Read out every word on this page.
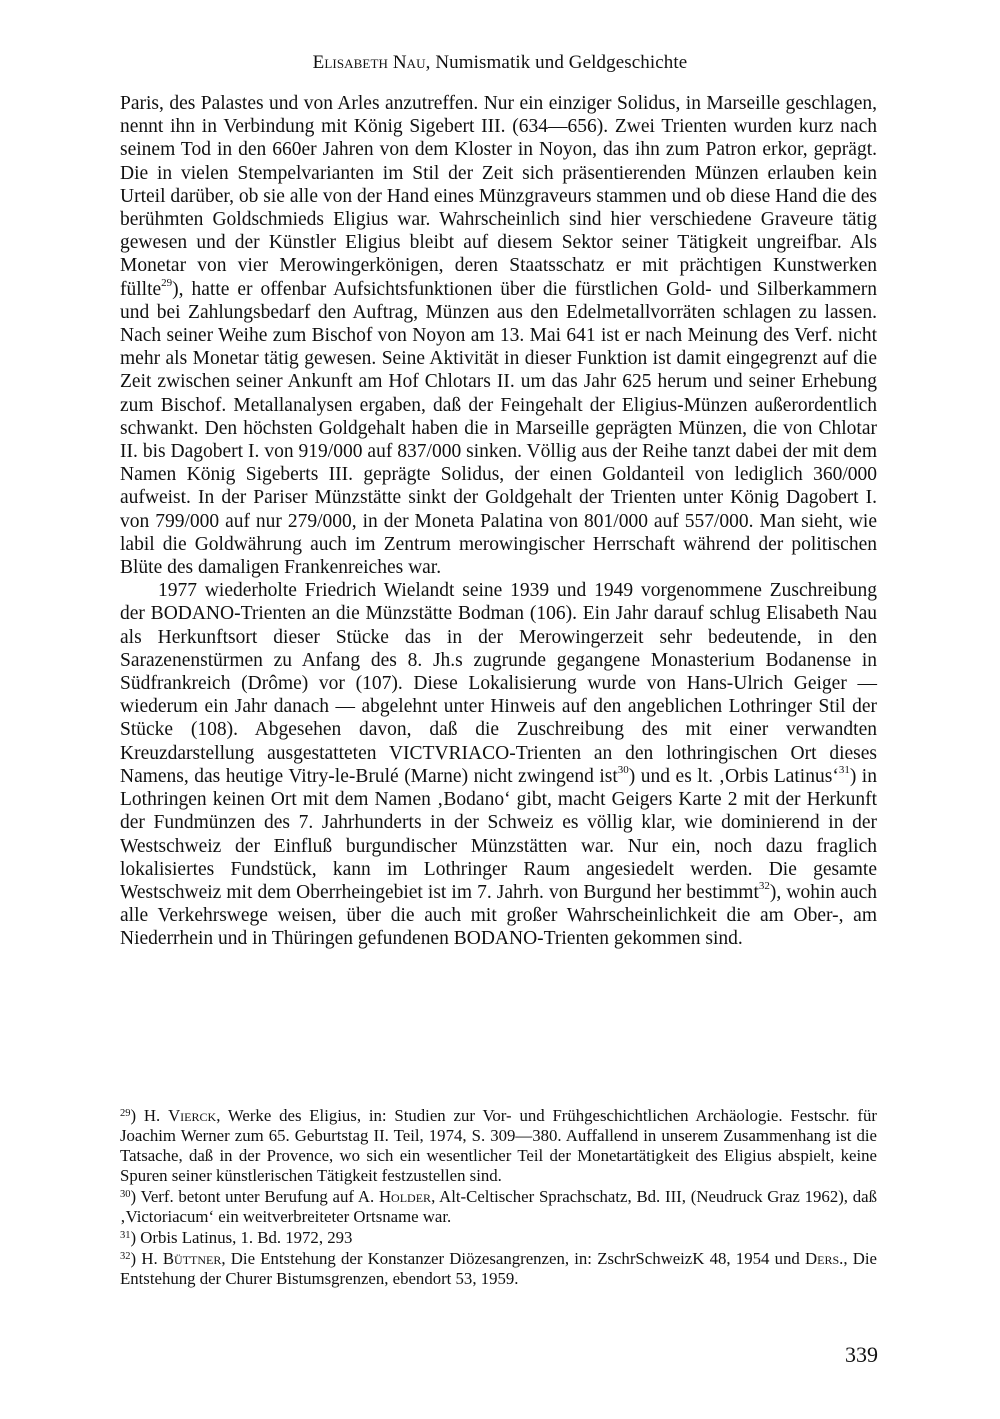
Elisabeth Nau, Numismatik und Geldgeschichte

Paris, des Palastes und von Arles anzutreffen. Nur ein einziger Solidus, in Marseille geschlagen, nennt ihn in Verbindung mit König Sigebert III. (634—656). Zwei Trienten wurden kurz nach seinem Tod in den 660er Jahren von dem Kloster in Noyon, das ihn zum Patron erkor, geprägt. Die in vielen Stempelvarianten im Stil der Zeit sich präsentierenden Münzen erlauben kein Urteil darüber, ob sie alle von der Hand eines Münzgraveurs stammen und ob diese Hand die des berühmten Goldschmieds Eligius war. Wahrscheinlich sind hier verschiedene Graveure tätig gewesen und der Künstler Eligius bleibt auf diesem Sektor seiner Tätigkeit ungreifbar. Als Monetar von vier Merowingerkönigen, deren Staatsschatz er mit prächtigen Kunstwerken füllte$^{29}$), hatte er offenbar Aufsichtsfunktionen über die fürstlichen Gold- und Silberkammern und bei Zahlungsbedarf den Auftrag, Münzen aus den Edelmetallvorräten schlagen zu lassen. Nach seiner Weihe zum Bischof von Noyon am 13. Mai 641 ist er nach Meinung des Verf. nicht mehr als Monetar tätig gewesen. Seine Aktivität in dieser Funktion ist damit eingegrenzt auf die Zeit zwischen seiner Ankunft am Hof Chlotars II. um das Jahr 625 herum und seiner Erhebung zum Bischof. Metallanalysen ergaben, daß der Feingehalt der Eligius-Münzen außerordentlich schwankt. Den höchsten Goldgehalt haben die in Marseille geprägten Münzen, die von Chlotar II. bis Dagobert I. von 919/000 auf 837/000 sinken. Völlig aus der Reihe tanzt dabei der mit dem Namen König Sigeberts III. geprägte Solidus, der einen Goldanteil von lediglich 360/000 aufweist. In der Pariser Münzstätte sinkt der Goldgehalt der Trienten unter König Dagobert I. von 799/000 auf nur 279/000, in der Moneta Palatina von 801/000 auf 557/000. Man sieht, wie labil die Goldwährung auch im Zentrum merowingischer Herrschaft während der politischen Blüte des damaligen Frankenreiches war.

1977 wiederholte Friedrich Wielandt seine 1939 und 1949 vorgenommene Zuschreibung der BODANO-Trienten an die Münzstätte Bodman (106). Ein Jahr darauf schlug Elisabeth Nau als Herkunftsort dieser Stücke das in der Merowingerzeit sehr bedeutende, in den Sarazenenstürmen zu Anfang des 8. Jh.s zugrunde gegangene Monasterium Bodanense in Südfrankreich (Drôme) vor (107). Diese Lokalisierung wurde von Hans-Ulrich Geiger — wiederum ein Jahr danach — abgelehnt unter Hinweis auf den angeblichen Lothringer Stil der Stücke (108). Abgesehen davon, daß die Zuschreibung des mit einer verwandten Kreuzdarstellung ausgestatteten VICTVRIACO-Trienten an den lothringischen Ort dieses Namens, das heutige Vitry-le-Brulé (Marne) nicht zwingend ist$^{30}$) und es lt. ‚Orbis Latinus‘$^{31}$) in Lothringen keinen Ort mit dem Namen ‚Bodano‘ gibt, macht Geigers Karte 2 mit der Herkunft der Fundmünzen des 7. Jahrhunderts in der Schweiz es völlig klar, wie dominierend in der Westschweiz der Einfluß burgundischer Münzstätten war. Nur ein, noch dazu fraglich lokalisiertes Fundstück, kann im Lothringer Raum angesiedelt werden. Die gesamte Westschweiz mit dem Oberrheingebiet ist im 7. Jahrh. von Burgund her bestimmt$^{32}$), wohin auch alle Verkehrswege weisen, über die auch mit großer Wahrscheinlichkeit die am Ober-, am Niederrhein und in Thüringen gefundenen BODANO-Trienten gekommen sind.

$^{29}$) H. Vierck, Werke des Eligius, in: Studien zur Vor- und Frühgeschichtlichen Archäologie. Festschr. für Joachim Werner zum 65. Geburtstag II. Teil, 1974, S. 309—380. Auffallend in unserem Zusammenhang ist die Tatsache, daß in der Provence, wo sich ein wesentlicher Teil der Monetartätigkeit des Eligius abspielt, keine Spuren seiner künstlerischen Tätigkeit festzustellen sind.

$^{30}$) Verf. betont unter Berufung auf A. Holder, Alt-Celtischer Sprachschatz, Bd. III, (Neudruck Graz 1962), daß ‚Victoriacum‘ ein weitverbreiteter Ortsname war.

$^{31}$) Orbis Latinus, 1. Bd. 1972, 293

$^{32}$) H. Büttner, Die Entstehung der Konstanzer Diözesangrenzen, in: ZschrSchweizK 48, 1954 und Ders., Die Entstehung der Churer Bistumsgrenzen, ebendort 53, 1959.

339
